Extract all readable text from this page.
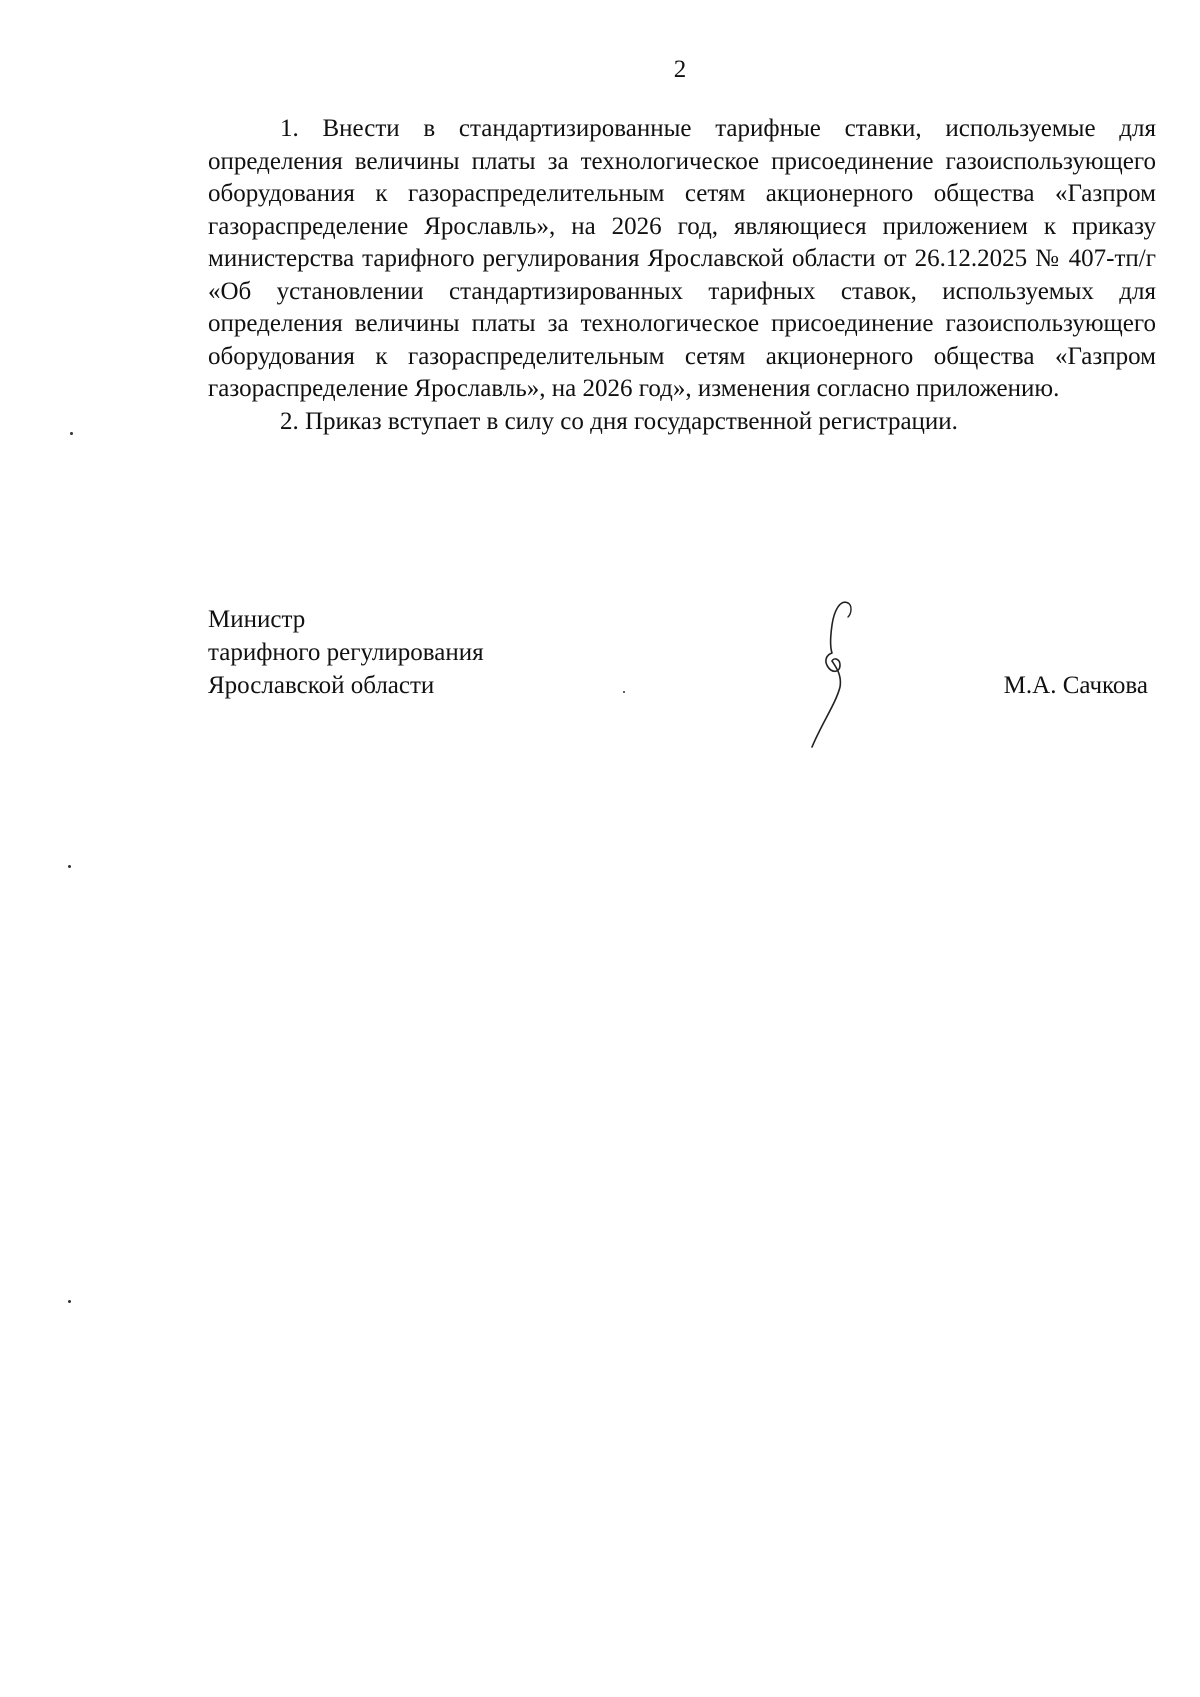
2

1. Внести в стандартизированные тарифные ставки, используемые для определения величины платы за технологическое присоединение газоиспользующего оборудования к газораспределительным сетям акционерного общества «Газпром газораспределение Ярославль», на 2026 год, являющиеся приложением к приказу министерства тарифного регулирования Ярославской области от 26.12.2025 № 407-тп/г «Об установлении стандартизированных тарифных ставок, используемых для определения величины платы за технологическое присоединение газоиспользующего оборудования к газораспределительным сетям акционерного общества «Газпром газораспределение Ярославль», на 2026 год», изменения согласно приложению.

2. Приказ вступает в силу со дня государственной регистрации.

Министр
тарифного регулирования
Ярославской области	М.А. Сачкова
